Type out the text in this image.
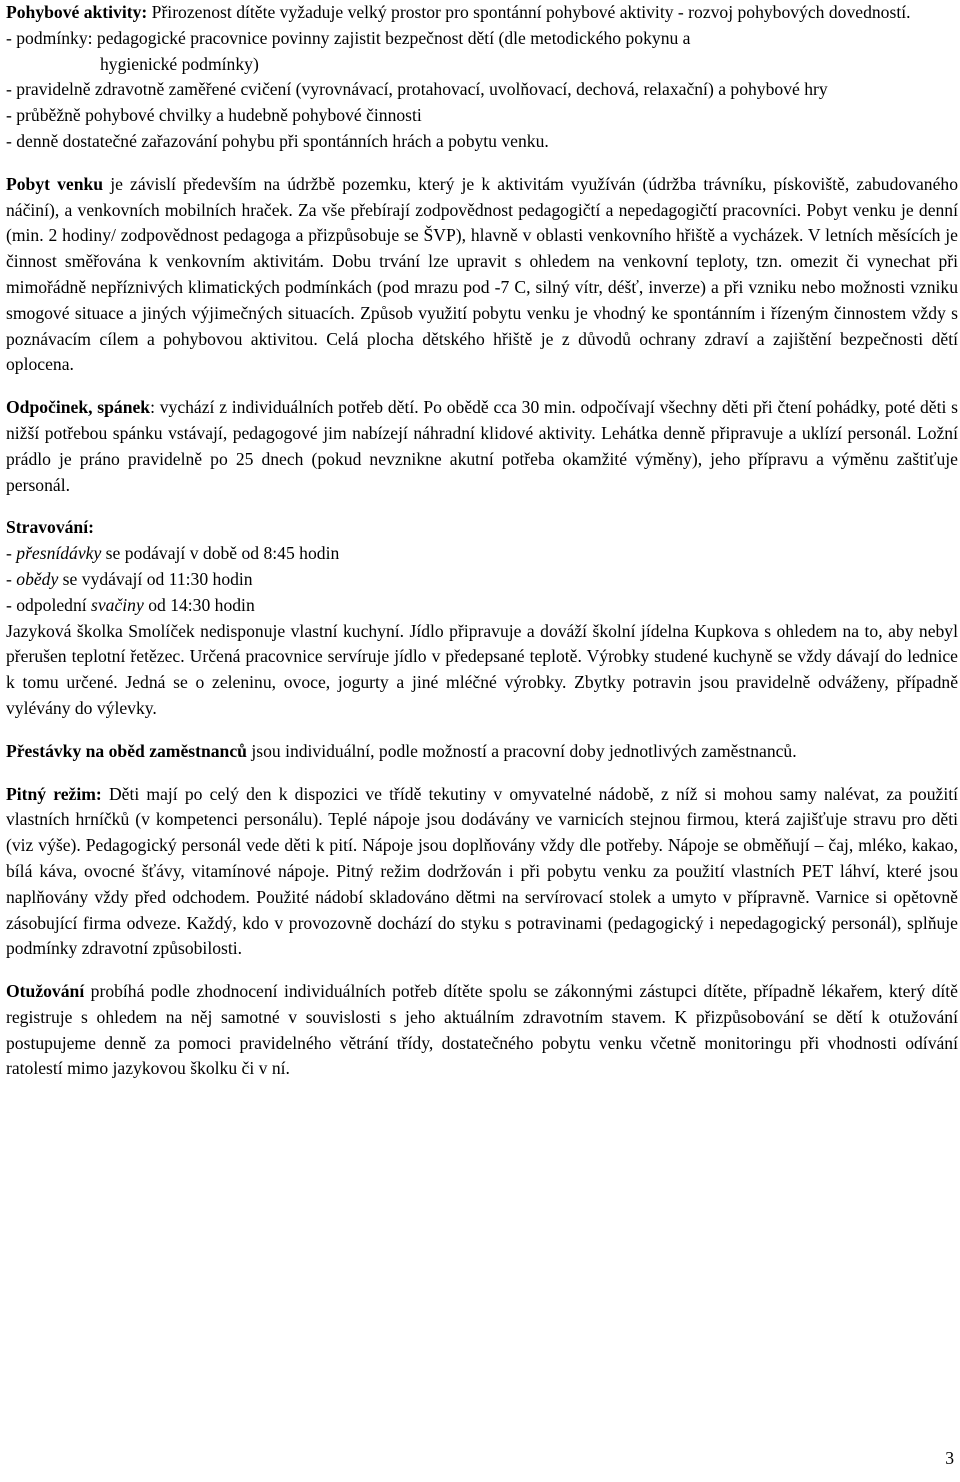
Pohybové aktivity: Přirozenost dítěte vyžaduje velký prostor pro spontánní pohybové aktivity - rozvoj pohybových dovedností.

- podmínky: pedagogické pracovnice povinny zajistit bezpečnost dětí (dle metodického pokynu a

hygienické podmínky)

- pravidelně zdravotně zaměřené cvičení (vyrovnávací, protahovací, uvolňovací, dechová, relaxační) a pohybové hry

- průběžně pohybové chvilky a hudebně pohybové činnosti

- denně dostatečné zařazování pohybu při spontánních hrách a pobytu venku.

Pobyt venku je závislí především na údržbě pozemku, který je k aktivitám využíván (údržba trávníku, pískoviště, zabudovaného náčiní), a venkovních mobilních hraček. Za vše přebírají zodpovědnost pedagogičtí a nepedagogičtí pracovníci. Pobyt venku je denní (min. 2 hodiny/ zodpovědnost pedagoga a přizpůsobuje se ŠVP), hlavně v oblasti venkovního hřiště a vycházek. V letních měsících je činnost směřována k venkovním aktivitám. Dobu trvání lze upravit s ohledem na venkovní teploty, tzn. omezit či vynechat při mimořádně nepříznivých klimatických podmínkách (pod mrazu pod -7 C, silný vítr, déšť, inverze) a při vzniku nebo možnosti vzniku smogové situace a jiných výjimečných situacích. Způsob využití pobytu venku je vhodný ke spontánním i řízeným činnostem vždy s poznávacím cílem a pohybovou aktivitou. Celá plocha dětského hřiště je z důvodů ochrany zdraví a zajištění bezpečnosti dětí oplocena.

Odpočinek, spánek: vychází z individuálních potřeb dětí. Po obědě cca 30 min. odpočívají všechny děti při čtení pohádky, poté děti s nižší potřebou spánku vstávají, pedagogové jim nabízejí náhradní klidové aktivity. Lehátka denně připravuje a uklízí personál. Ložní prádlo je práno pravidelně po 25 dnech (pokud nevznikne akutní potřeba okamžité výměny), jeho přípravu a výměnu zaštiťuje personál.

Stravování:

- přesnídávky se podávají v době od 8:45 hodin

- obědy se vydávají od 11:30 hodin

- odpolední svačiny od 14:30 hodin

Jazyková školka Smolíček nedisponuje vlastní kuchyní. Jídlo připravuje a dováží školní jídelna Kupkova s ohledem na to, aby nebyl přerušen teplotní řetězec. Určená pracovnice servíruje jídlo v předepsané teplotě. Výrobky studené kuchyně se vždy dávají do lednice k tomu určené. Jedná se o zeleninu, ovoce, jogurty a jiné mléčné výrobky. Zbytky potravin jsou pravidelně odváženy, případně vylévány do výlevky.

Přestávky na oběd zaměstnanců jsou individuální, podle možností a pracovní doby jednotlivých zaměstnanců.

Pitný režim: Děti mají po celý den k dispozici ve třídě tekutiny v omyvatelné nádobě, z níž si mohou samy nalévat, za použití vlastních hrníčků (v kompetenci personálu). Teplé nápoje jsou dodávány ve varnicích stejnou firmou, která zajišťuje stravu pro děti (viz výše). Pedagogický personál vede děti k pití. Nápoje jsou doplňovány vždy dle potřeby. Nápoje se obměňují – čaj, mléko, kakao, bílá káva, ovocné šťávy, vitamínové nápoje. Pitný režim dodržován i při pobytu venku za použití vlastních PET láhví, které jsou naplňovány vždy před odchodem. Použité nádobí skladováno dětmi na servírovací stolek a umyto v přípravně. Varnice si opětovně zásobující firma odveze. Každý, kdo v provozovně dochází do styku s potravinami (pedagogický i nepedagogický personál), splňuje podmínky zdravotní způsobilosti.

Otužování probíhá podle zhodnocení individuálních potřeb dítěte spolu se zákonnými zástupci dítěte, případně lékařem, který dítě registruje s ohledem na něj samotné v souvislosti s jeho aktuálním zdravotním stavem. K přizpůsobování se dětí k otužování postupujeme denně za pomoci pravidelného větrání třídy, dostatečného pobytu venku včetně monitoringu při vhodnosti odívání ratolestí mimo jazykovou školku či v ní.

3
